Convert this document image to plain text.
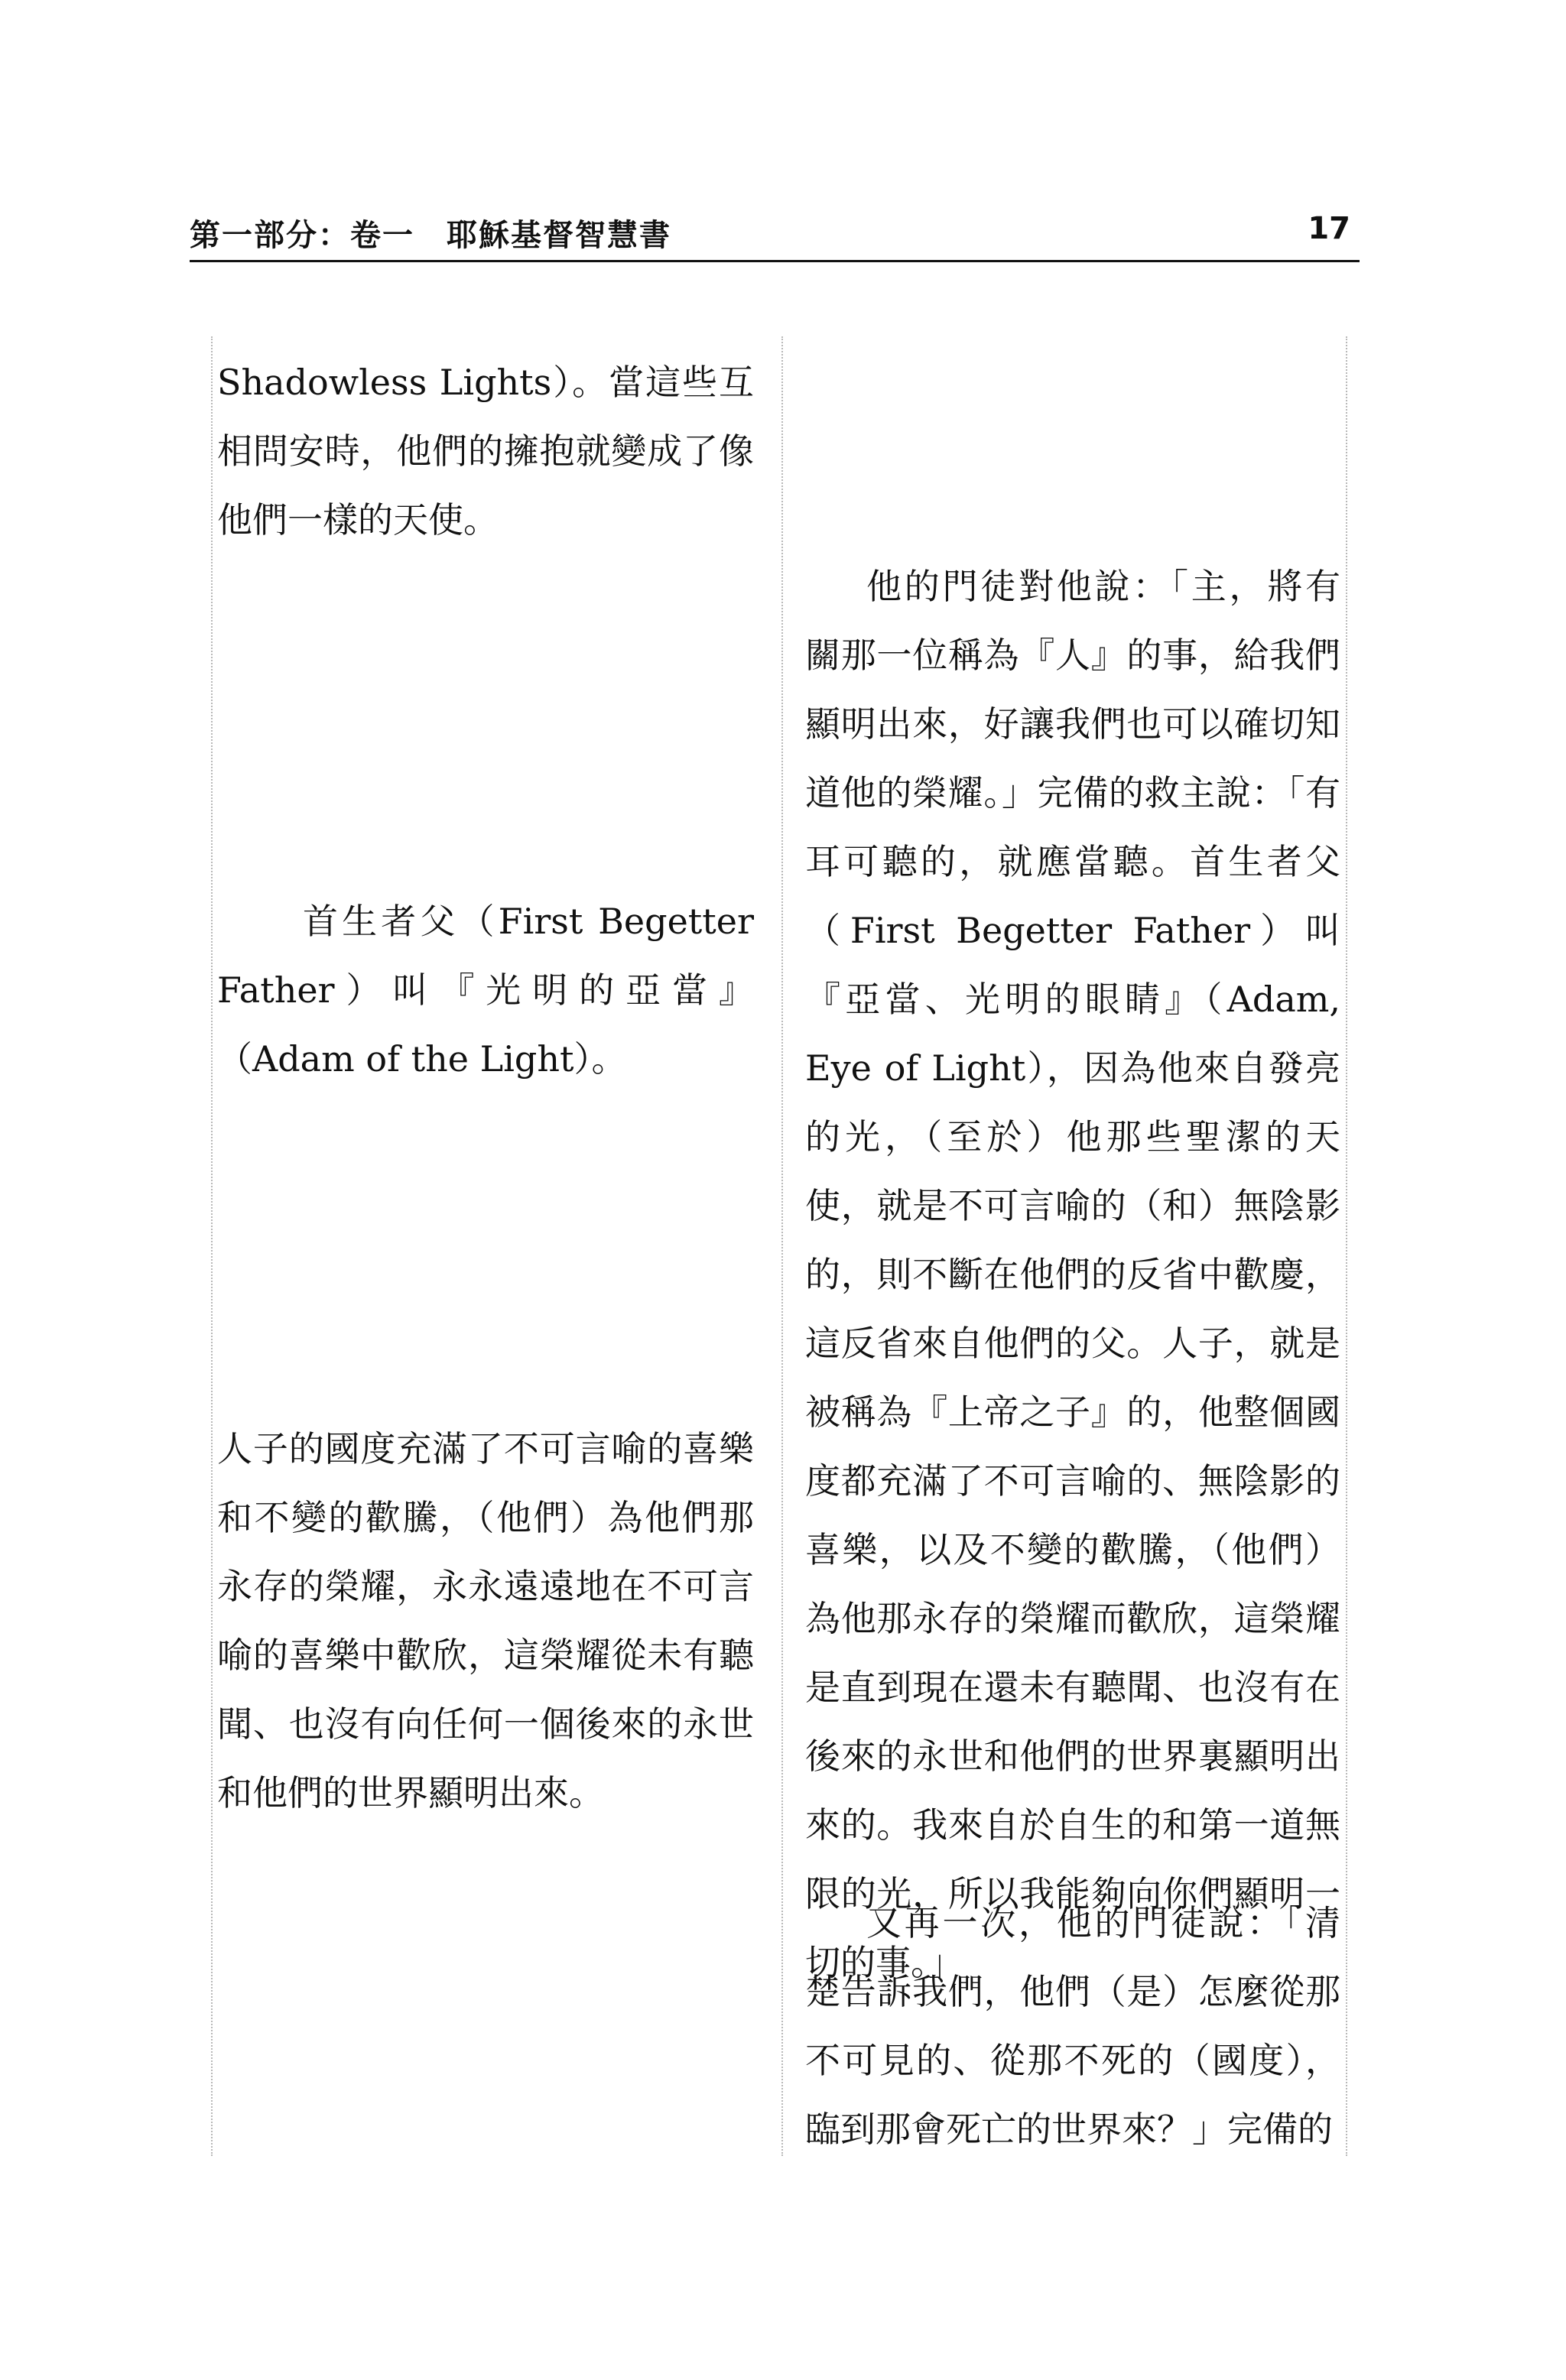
第一部分：卷一　耶穌基督智慧書	17

Shadowless Lights）。當這些互相問安時，他們的擁抱就變成了像他們一樣的天使。

首生者父（First Begetter Father）叫『光明的亞當』（Adam of the Light）。

人子的國度充滿了不可言喻的喜樂和不變的歡騰，（他們）為他們那永存的榮耀，永永遠遠地在不可言喻的喜樂中歡欣，這榮耀從未有聽聞、也沒有向任何一個後來的永世和他們的世界顯明出來。

他的門徒對他說：「主，將有關那一位稱為『人』的事，給我們顯明出來，好讓我們也可以確切知道他的榮耀。」完備的救主說：「有耳可聽的，就應當聽。首生者父（First Begetter Father）叫『亞當、光明的眼睛』（Adam, Eye of Light），因為他來自發亮的光，（至於）他那些聖潔的天使，就是不可言喻的（和）無陰影的，則不斷在他們的反省中歡慶，這反省來自他們的父。人子，就是被稱為『上帝之子』的，他整個國度都充滿了不可言喻的、無陰影的喜樂，以及不變的歡騰，（他們）為他那永存的榮耀而歡欣，這榮耀是直到現在還未有聽聞、也沒有在後來的永世和他們的世界裏顯明出來的。我來自於自生的和第一道無限的光，所以我能夠向你們顯明一切的事。」

又再一次，他的門徒說：「清楚告訴我們，他們（是）怎麼從那不可見的、從那不死的（國度），臨到那會死亡的世界來？」完備的
